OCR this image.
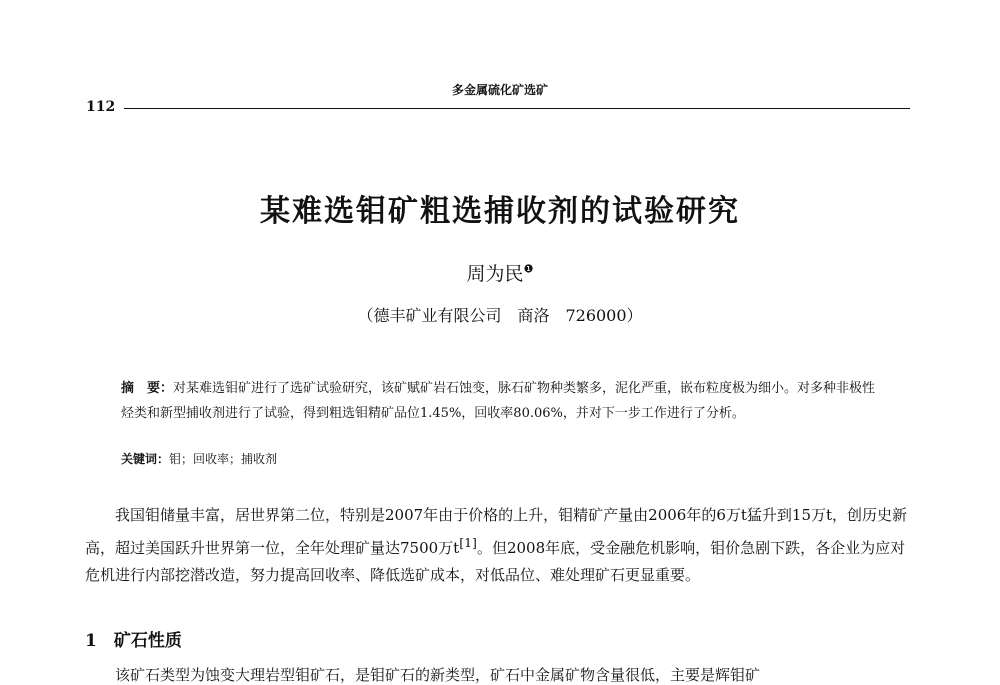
112
多金属硫化矿选矿
某难选钼矿粗选捕收剂的试验研究
周为民$^❶$
（德丰矿业有限公司　商洛　726000）
摘　要：对某难选钼矿进行了选矿试验研究，该矿赋矿岩石蚀变，脉石矿物种类繁多，泥化严重，嵌布粒度极为细小。对多种非极性烃类和新型捕收剂进行了试验，得到粗选钼精矿品位1.45%，回收率80.06%，并对下一步工作进行了分析。
关键词：钼；回收率；捕收剂

我国钼储量丰富，居世界第二位，特别是2007年由于价格的上升，钼精矿产量由2006年的6万t猛升到15万t，创历史新高，超过美国跃升世界第一位，全年处理矿量达7500万t[1]。但2008年底，受金融危机影响，钼价急剧下跌，各企业为应对危机进行内部挖潜改造，努力提高回收率、降低选矿成本，对低品位、难处理矿石更显重要。

1　 矿石性质
该矿石类型为蚀变大理岩型钼矿石，是钼矿石的新类型，矿石中金属矿物含量很低，主要是辉钼矿
